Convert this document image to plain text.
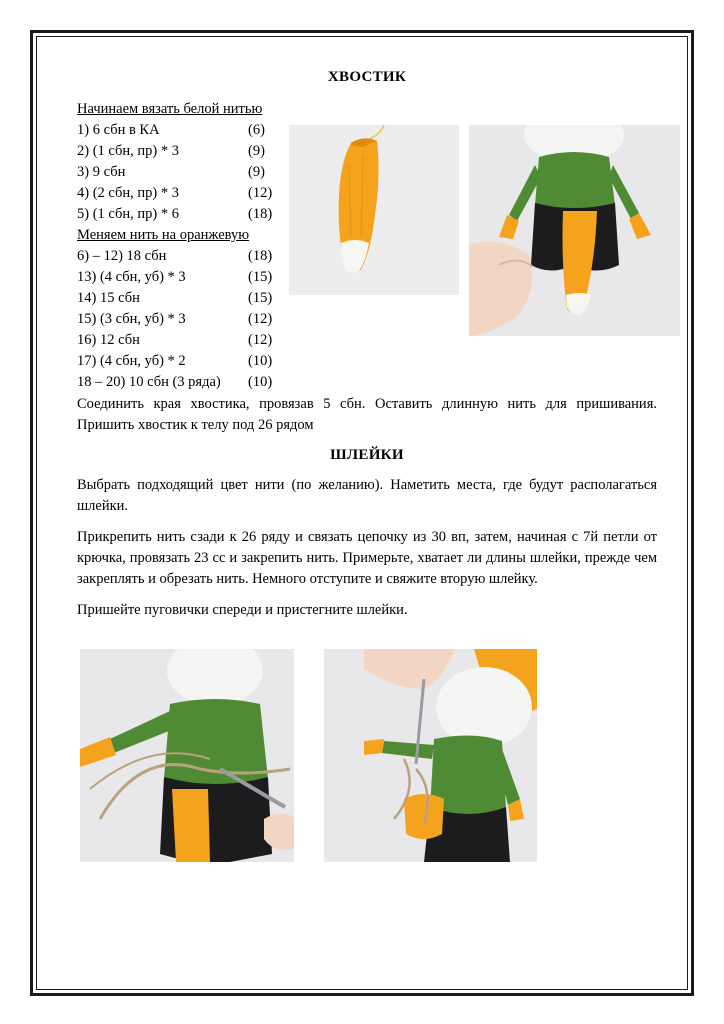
ХВОСТИК
Начинаем вязать белой нитью
1) 6 сбн в КА	(6)
2) (1 сбн, пр) * 3	(9)
3) 9 сбн	(9)
4) (2 сбн, пр) * 3	(12)
5) (1 сбн, пр) * 6	(18)
Меняем нить на оранжевую
6) – 12) 18 сбн	(18)
13) (4 сбн, уб) * 3	(15)
14) 15 сбн	(15)
15) (3 сбн, уб) * 3	(12)
16) 12 сбн	(12)
17) (4 сбн, уб) * 2	(10)
18 – 20) 10 сбн (3 ряда)	(10)

Соединить края хвостика, провязав 5 сбн. Оставить длинную нить для пришивания. Пришить хвостик к телу под 26 рядом

ШЛЕЙКИ

Выбрать подходящий цвет нити (по желанию). Наметить места, где будут располагаться шлейки.

Прикрепить нить сзади к 26 ряду и связать цепочку из 30 вп, затем, начиная с 7й петли от крючка, провязать 23 сс и закрепить нить. Примерьте, хватает ли длины шлейки, прежде чем закреплять и обрезать нить. Немного отступите и свяжите вторую шлейку.

Пришейте пуговички спереди и пристегните шлейки.
